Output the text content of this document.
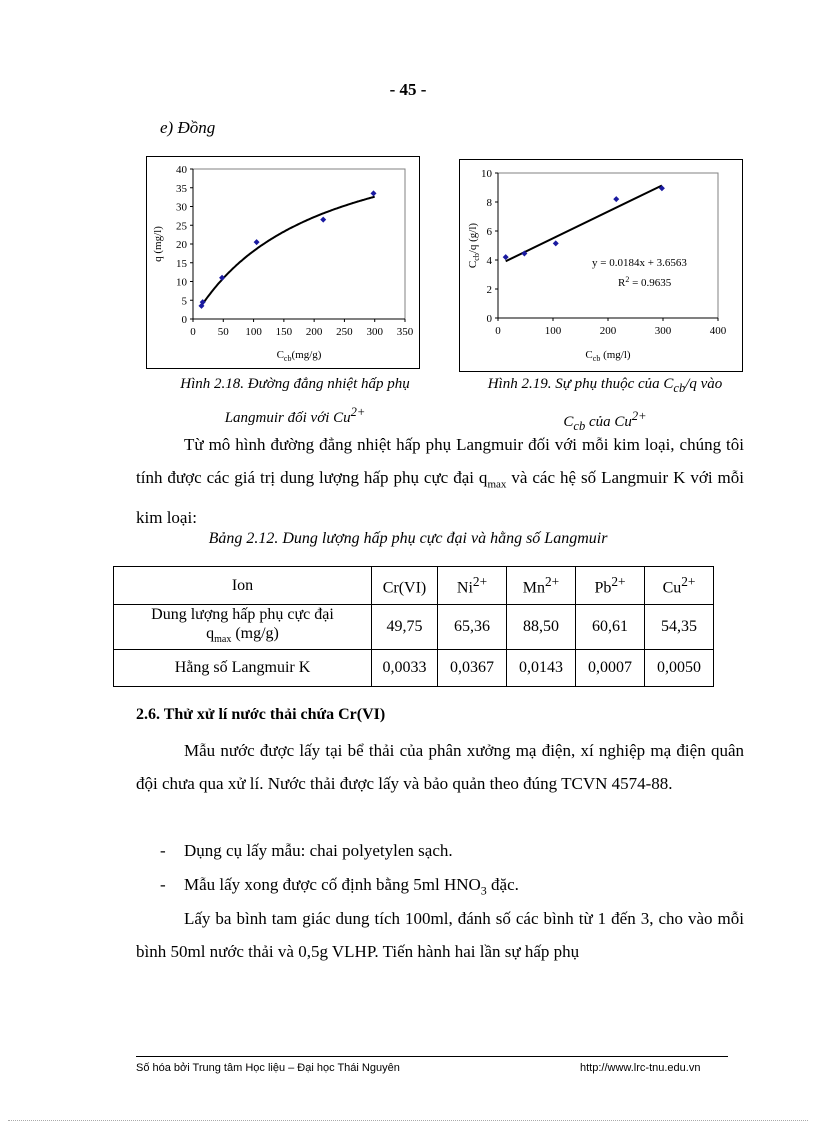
- 45 -
e) Đồng
0 50 100 150 200 250 300 350
0
5
10
15
20
25
30
35
40
$C_{cb}(mg/g)$
q (mg/l)
0	100	200	300	400
0
2
4
6
8
10
$C_{cb}$ (mg/l)
$C_{cb}/q$ (g/l)
y = 0.0184x + 3.6563
$R^2 = 0.9635$
Hình 2.18. Đường đẳng nhiệt hấp phụ
Langmuir đối với $Cu^{2+}$
Hình 2.19. Sự phụ thuộc của $C_{cb}/q$ vào
$C_{cb}$ của $Cu^{2+}$
Từ mô hình đường đẳng nhiệt hấp phụ Langmuir đối với mỗi kim loại, chúng tôi tính được các giá trị dung lượng hấp phụ cực đại $q_{max}$ và các hệ số Langmuir K với mỗi kim loại:
Bảng 2.12. Dung lượng hấp phụ cực đại và hằng số Langmuir
Ion	Cr(VI)	$Ni^{2+}$	$Mn^{2+}$	$Pb^{2+}$	$Cu^{2+}$

Dung lượng hấp phụ cực đại
$q_{max}$ (mg/g)	49,75	65,36	88,50	60,61	54,35
Hằng số Langmuir K	0,0033	0,0367	0,0143	0,0007	0,0050
2.6. Thử xử lí nước thải chứa Cr(VI)
Mẫu nước được lấy tại bể thải của phân xưởng mạ điện, xí nghiệp mạ điện quân đội chưa qua xử lí. Nước thải được lấy và bảo quản theo đúng TCVN 4574-88.
- Dụng cụ lấy mẫu: chai polyetylen sạch.
- Mẫu lấy xong được cố định bằng 5ml $HNO_3$ đặc.
Lấy ba bình tam giác dung tích 100ml, đánh số các bình từ 1 đến 3, cho vào mỗi bình 50ml nước thải và 0,5g VLHP. Tiến hành hai lần sự hấp phụ
Số hóa bởi Trung tâm Học liệu – Đại học Thái Nguyên	http://www.lrc-tnu.edu.vn
